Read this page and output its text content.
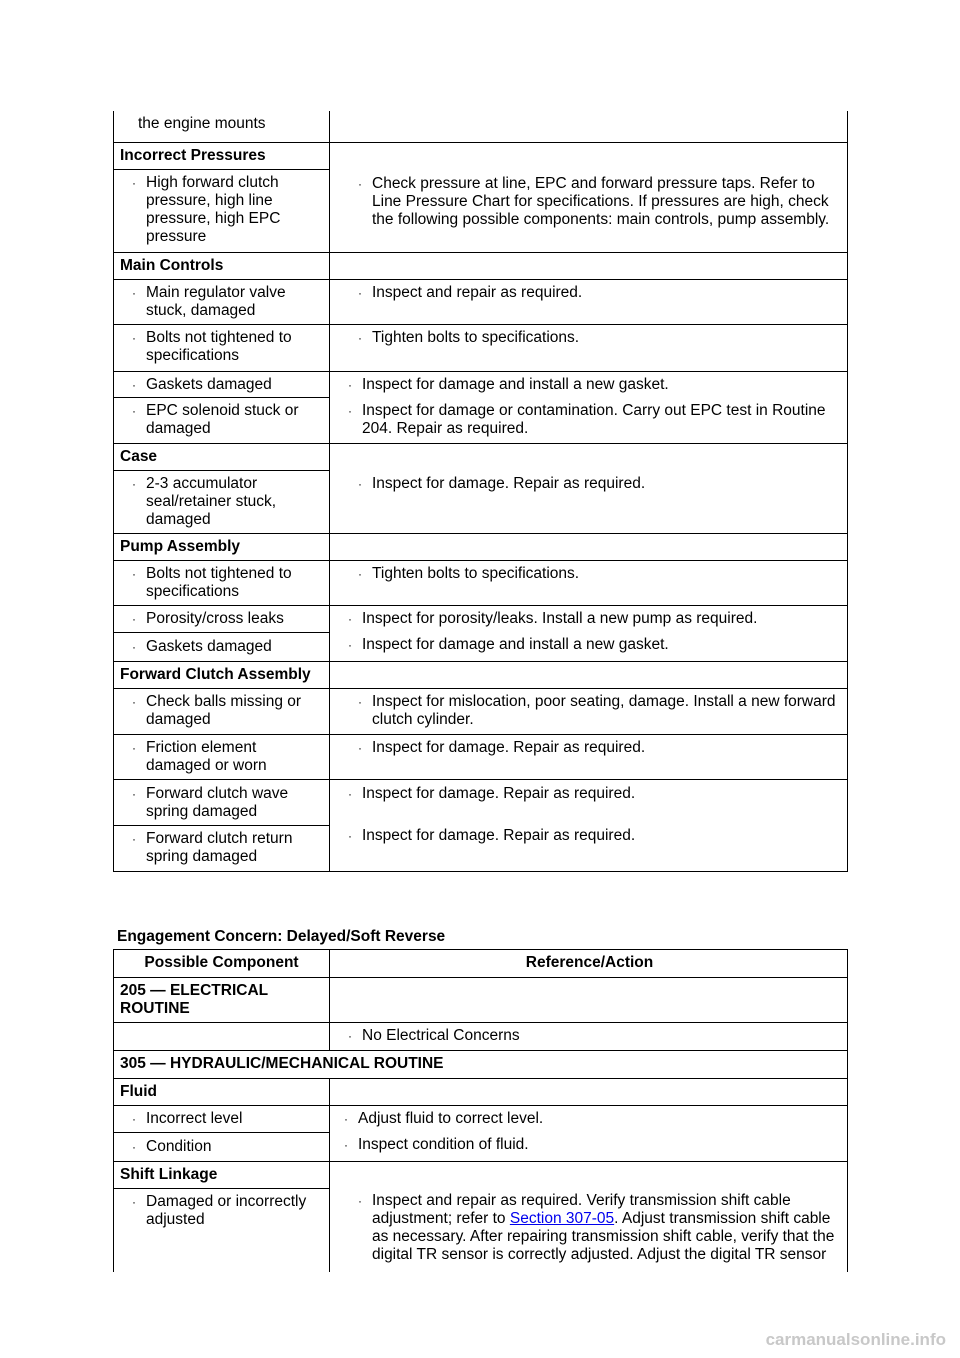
the engine mounts
Incorrect Pressures
· High forward clutch pressure, high line pressure, high EPC pressure
· Check pressure at line, EPC and forward pressure taps. Refer to Line Pressure Chart for specifications. If pressures are high, check the following possible components: main controls, pump assembly.
Main Controls
· Main regulator valve stuck, damaged
· Inspect and repair as required.
· Bolts not tightened to specifications
· Tighten bolts to specifications.
· Gaskets damaged
· EPC solenoid stuck or damaged
· Inspect for damage and install a new gasket.
· Inspect for damage or contamination. Carry out EPC test in Routine 204. Repair as required.
Case
· 2-3 accumulator seal/retainer stuck, damaged
· Inspect for damage. Repair as required.
Pump Assembly
· Bolts not tightened to specifications
· Tighten bolts to specifications.
· Porosity/cross leaks
· Gaskets damaged
· Inspect for porosity/leaks. Install a new pump as required.
· Inspect for damage and install a new gasket.
Forward Clutch Assembly
· Check balls missing or damaged
· Inspect for mislocation, poor seating, damage. Install a new forward clutch cylinder.
· Friction element damaged or worn
· Inspect for damage. Repair as required.
· Forward clutch wave spring damaged
· Forward clutch return spring damaged
· Inspect for damage. Repair as required.
· Inspect for damage. Repair as required.
Engagement Concern: Delayed/Soft Reverse
Possible Component	Reference/Action
205 — ELECTRICAL ROUTINE
· No Electrical Concerns
305 — HYDRAULIC/MECHANICAL ROUTINE
Fluid
· Incorrect level
· Condition
· Adjust fluid to correct level.
· Inspect condition of fluid.
Shift Linkage
· Damaged or incorrectly adjusted
· Inspect and repair as required. Verify transmission shift cable adjustment; refer to Section 307-05. Adjust transmission shift cable as necessary. After repairing transmission shift cable, verify that the digital TR sensor is correctly adjusted. Adjust the digital TR sensor
carmanualsonline.info
